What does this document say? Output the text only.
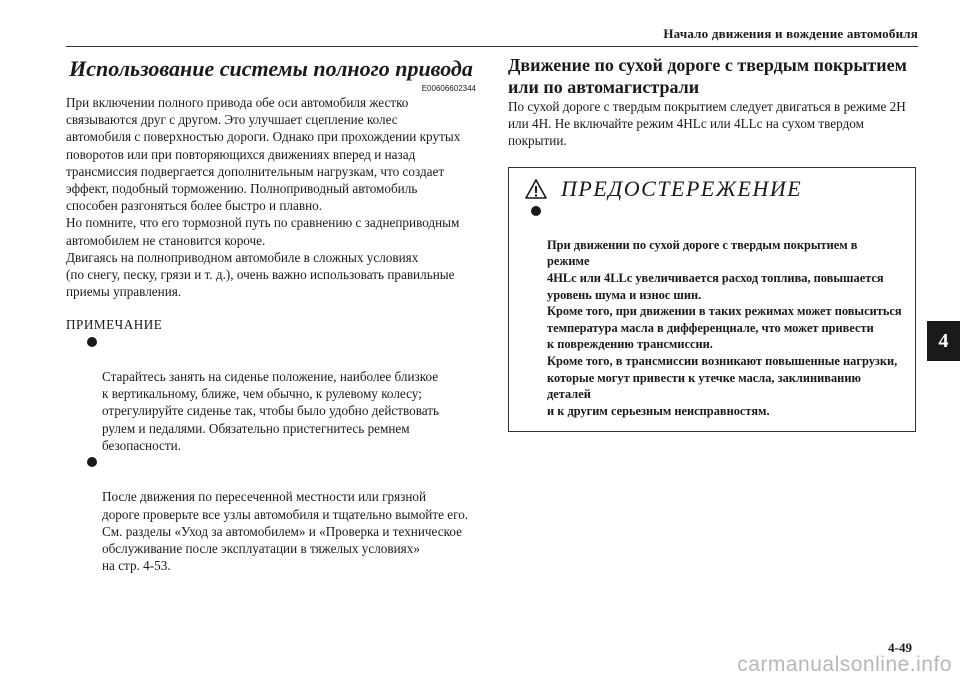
Начало движения и вождение автомобиля
Использование системы полного привода
E00606602344

При включении полного привода обе оси автомобиля жестко
связываются друг с другом. Это улучшает сцепление колес
автомобиля с поверхностью дороги. Однако при прохождении крутых
поворотов или при повторяющихся движениях вперед и назад
трансмиссия подвергается дополнительным нагрузкам, что создает
эффект, подобный торможению. Полноприводный автомобиль
способен разгоняться более быстро и плавно.
Но помните, что его тормозной путь по сравнению с заднеприводным
автомобилем не становится короче.
Двигаясь на полноприводном автомобиле в сложных условиях
(по снегу, песку, грязи и т. д.), очень важно использовать правильные
приемы управления.

ПРИМЕЧАНИЕ

Старайтесь занять на сиденье положение, наиболее близкое
к вертикальному, ближе, чем обычно, к рулевому колесу;
отрегулируйте сиденье так, чтобы было удобно действовать
рулем и педалями. Обязательно пристегнитесь ремнем
безопасности.

После движения по пересеченной местности или грязной
дороге проверьте все узлы автомобиля и тщательно вымойте его.
См. разделы «Уход за автомобилем» и «Проверка и техническое
обслуживание после эксплуатации в тяжелых условиях»
на стр. 4-53.

Движение по сухой дороге с твердым покрытием
или по автомагистрали

По сухой дороге с твердым покрытием следует двигаться в режиме 2H
или 4H. Не включайте режим 4HLc или 4LLc на сухом твердом
покрытии.

ПРЕДОСТЕРЕЖЕНИЕ

При движении по сухой дороге с твердым покрытием в режиме
4HLc или 4LLc увеличивается расход топлива, повышается
уровень шума и износ шин.
Кроме того, при движении в таких режимах может повыситься
температура масла в дифференциале, что может привести
к повреждению трансмиссии.
Кроме того, в трансмиссии возникают повышенные нагрузки,
которые могут привести к утечке масла, заклиниванию деталей
и к другим серьезным неисправностям.

4
4-49
carmanualsonline.info
